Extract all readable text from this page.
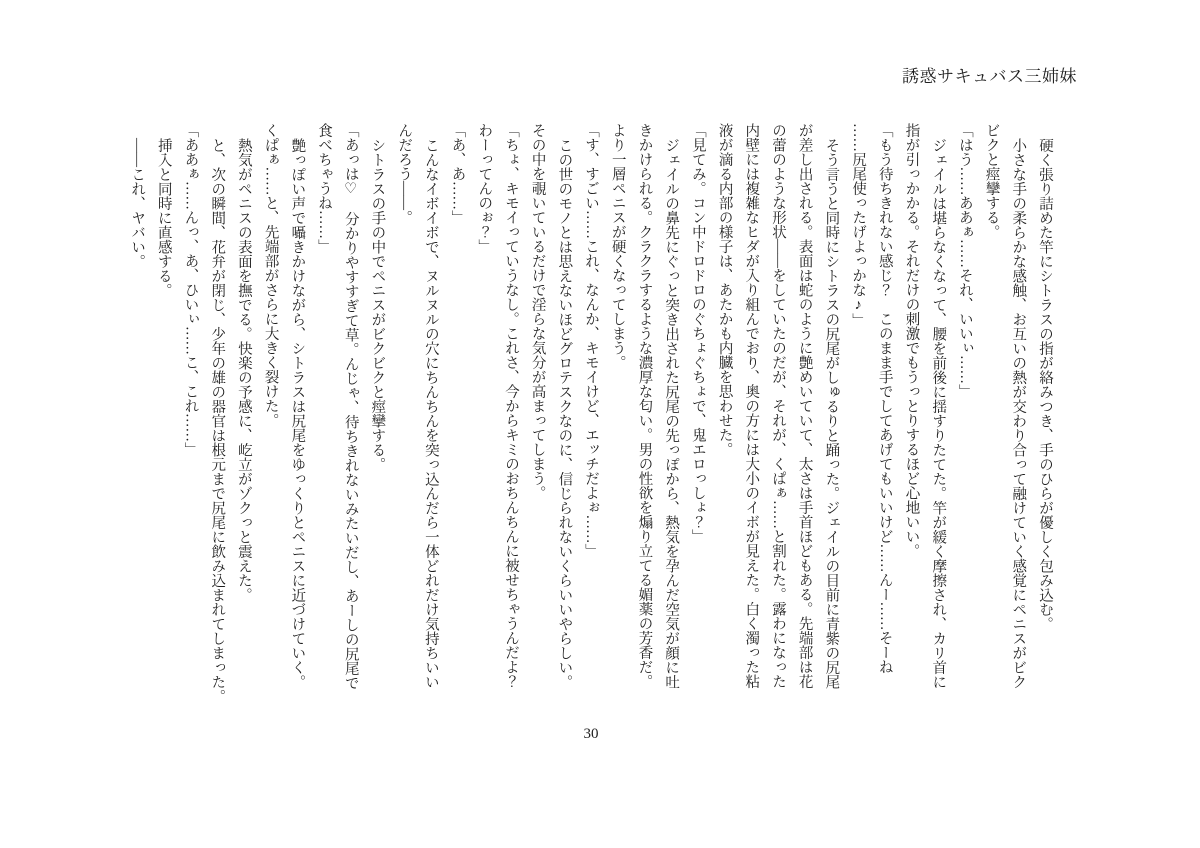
誘惑サキュバス三姉妹

硬く張り詰めた竿にシトラスの指が絡みつき、手のひらが優しく包み込む。

小さな手の柔らかな感触、お互いの熱が交わり合って融けていく感覚にペニスがビク

ビクと痙攣する。

「はう……ああぁ……それ、いいぃ……」

ジェイルは堪らなくなって、腰を前後に揺すりたてた。竿が緩く摩擦され、カリ首に

指が引っかかる。それだけの刺激でもうっとりするほど心地いい。

「もう待ちきれない感じ？　このまま手でしてあげてもいいけど……んー……そーね

……尻尾使ったげよっかな♪」

そう言うと同時にシトラスの尻尾がしゅるりと踊った。ジェイルの目前に青紫の尻尾

が差し出される。表面は蛇のように艶めいていて、太さは手首ほどもある。先端部は花

の蕾のような形状――をしていたのだが、それが、くぱぁ……と割れた。露わになった

内壁には複雑なヒダが入り組んでおり、奥の方には大小のイボが見えた。白く濁った粘

液が滴る内部の様子は、あたかも内臓を思わせた。

「見てみ。コン中ドロドロのぐちょぐちょで、鬼エロっしょ？」

ジェイルの鼻先にぐっと突き出された尻尾の先っぽから、熱気を孕んだ空気が顔に吐

きかけられる。クラクラするような濃厚な匂い。男の性欲を煽り立てる媚薬の芳香だ。

より一層ペニスが硬くなってしまう。

「す、すごい……これ、なんか、キモイけど、エッチだよぉ……」

この世のモノとは思えないほどグロテスクなのに、信じられないくらいいやらしい。

その中を覗いているだけで淫らな気分が高まってしまう。

「ちょ、キモイっていうなし。これさ、今からキミのおちんちんに被せちゃうんだよ？

わーってんのぉ？」

「あ、あ……」

こんなイボイボで、ヌルヌルの穴にちんちんを突っ込んだら一体どれだけ気持ちいい

んだろう――。

シトラスの手の中でペニスがビクビクと痙攣する。

「あっは♡　分かりやすすぎて草。んじゃ、待ちきれないみたいだし、あーしの尻尾で

食べちゃうね……」

艶っぽい声で囁きかけながら、シトラスは尻尾をゆっくりとペニスに近づけていく。

くぱぁ……と、先端部がさらに大きく裂けた。

熱気がペニスの表面を撫でる。快楽の予感に、屹立がゾクっと震えた。

と、次の瞬間、花弁が閉じ、少年の雄の器官は根元まで尻尾に飲み込まれてしまった。

「ああぁ……んっ、あ、ひいぃ……こ、これ……」

挿入と同時に直感する。

――これ、ヤバい。

30
